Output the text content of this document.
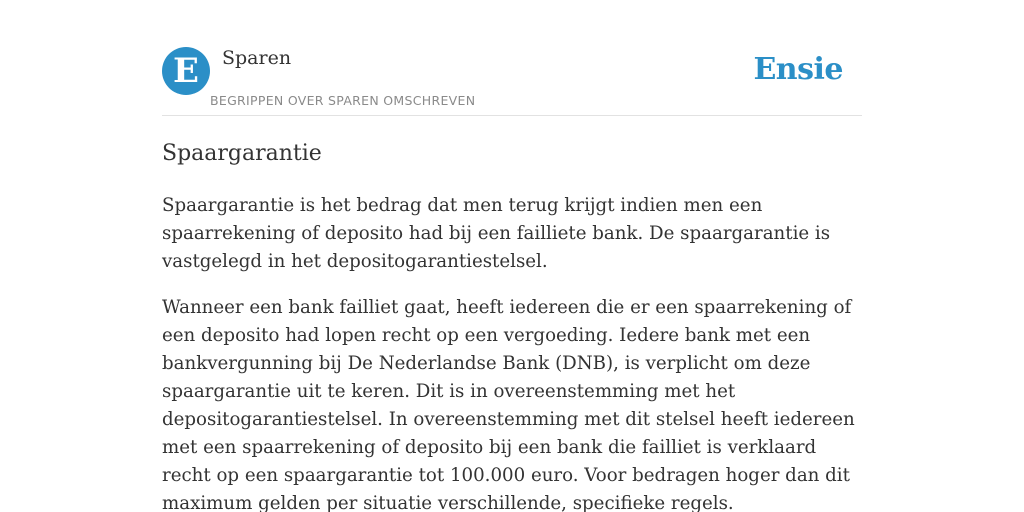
E	Sparen
BEGRIPPEN OVER SPAREN OMSCHREVEN
Ensie
Spaargarantie

Spaargarantie is het bedrag dat men terug krijgt indien men een spaarrekening of deposito had bij een failliete bank. De spaargarantie is vastgelegd in het depositogarantiestelsel.

Wanneer een bank failliet gaat, heeft iedereen die er een spaarrekening of een deposito had lopen recht op een vergoeding. Iedere bank met een bankvergunning bij De Nederlandse Bank (DNB), is verplicht om deze spaargarantie uit te keren. Dit is in overeenstemming met het depositogarantiestelsel. In overeenstemming met dit stelsel heeft iedereen met een spaarrekening of deposito bij een bank die failliet is verklaard recht op een spaargarantie tot 100.000 euro. Voor bedragen hoger dan dit maximum gelden per situatie verschillende, specifieke regels.
